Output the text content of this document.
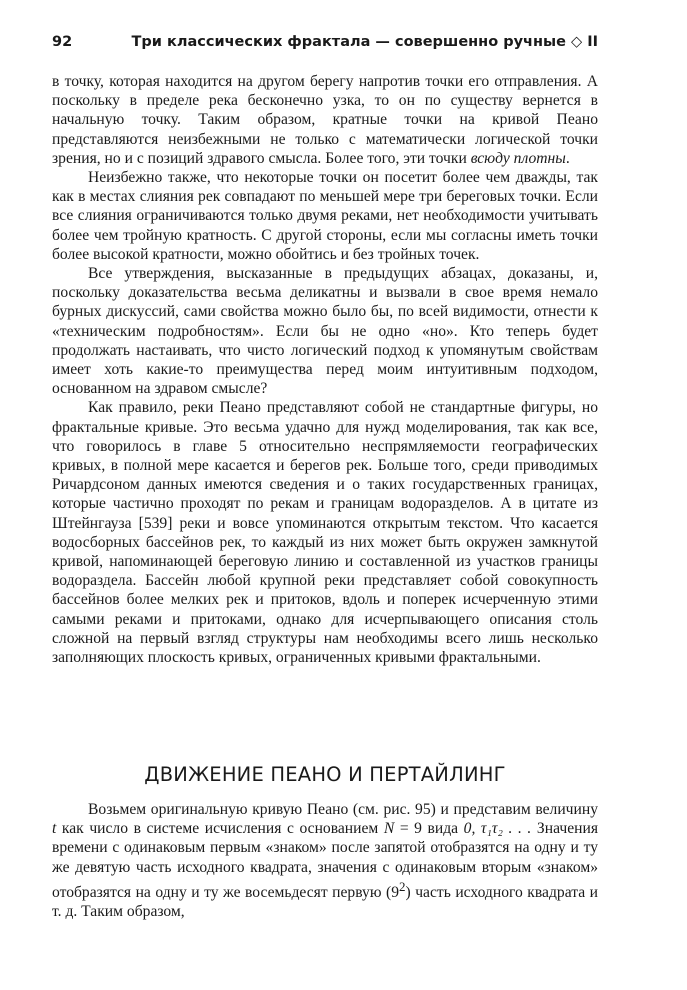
92	Три классических фрактала — совершенно ручные ◇ II

в точку, которая находится на другом берегу напротив точки его отправления. А поскольку в пределе река бесконечно узка, то он по существу вернется в начальную точку. Таким образом, кратные точки на кривой Пеано представляются неизбежными не только с математически логической точки зрения, но и с позиций здравого смысла. Более того, эти точки всюду плотны.

Неизбежно также, что некоторые точки он посетит более чем дважды, так как в местах слияния рек совпадают по меньшей мере три береговых точки. Если все слияния ограничиваются только двумя реками, нет необходимости учитывать более чем тройную кратность. С другой стороны, если мы согласны иметь точки более высокой кратности, можно обойтись и без тройных точек.

Все утверждения, высказанные в предыдущих абзацах, доказаны, и, поскольку доказательства весьма деликатны и вызвали в свое время немало бурных дискуссий, сами свойства можно было бы, по всей видимости, отнести к «техническим подробностям». Если бы не одно «но». Кто теперь будет продолжать настаивать, что чисто логический подход к упомянутым свойствам имеет хоть какие-то преимущества перед моим интуитивным подходом, основанном на здравом смысле?

Как правило, реки Пеано представляют собой не стандартные фигуры, но фрактальные кривые. Это весьма удачно для нужд моделирования, так как все, что говорилось в главе 5 относительно неспрямляемости географических кривых, в полной мере касается и берегов рек. Больше того, среди приводимых Ричардсоном данных имеются сведения и о таких государственных границах, которые частично проходят по рекам и границам водоразделов. А в цитате из Штейнгауза [539] реки и вовсе упоминаются открытым текстом. Что касается водосборных бассейнов рек, то каждый из них может быть окружен замкнутой кривой, напоминающей береговую линию и составленной из участков границы водораздела. Бассейн любой крупной реки представляет собой совокупность бассейнов более мелких рек и притоков, вдоль и поперек исчерченную этими самыми реками и притоками, однако для исчерпывающего описания столь сложной на первый взгляд структуры нам необходимы всего лишь несколько заполняющих плоскость кривых, ограниченных кривыми фрактальными.

ДВИЖЕНИЕ ПЕАНО И ПЕРТАЙЛИНГ

Возьмем оригинальную кривую Пеано (см. рис. 95) и представим величину t как число в системе исчисления с основанием N = 9 вида 0, τ₁τ₂ . . . Значения времени с одинаковым первым «знаком» после запятой отобразятся на одну и ту же девятую часть исходного квадрата, значения с одинаковым вторым «знаком» отобразятся на одну и ту же восемьдесят первую $(9^2)$ часть исходного квадрата и т. д. Таким образом,
